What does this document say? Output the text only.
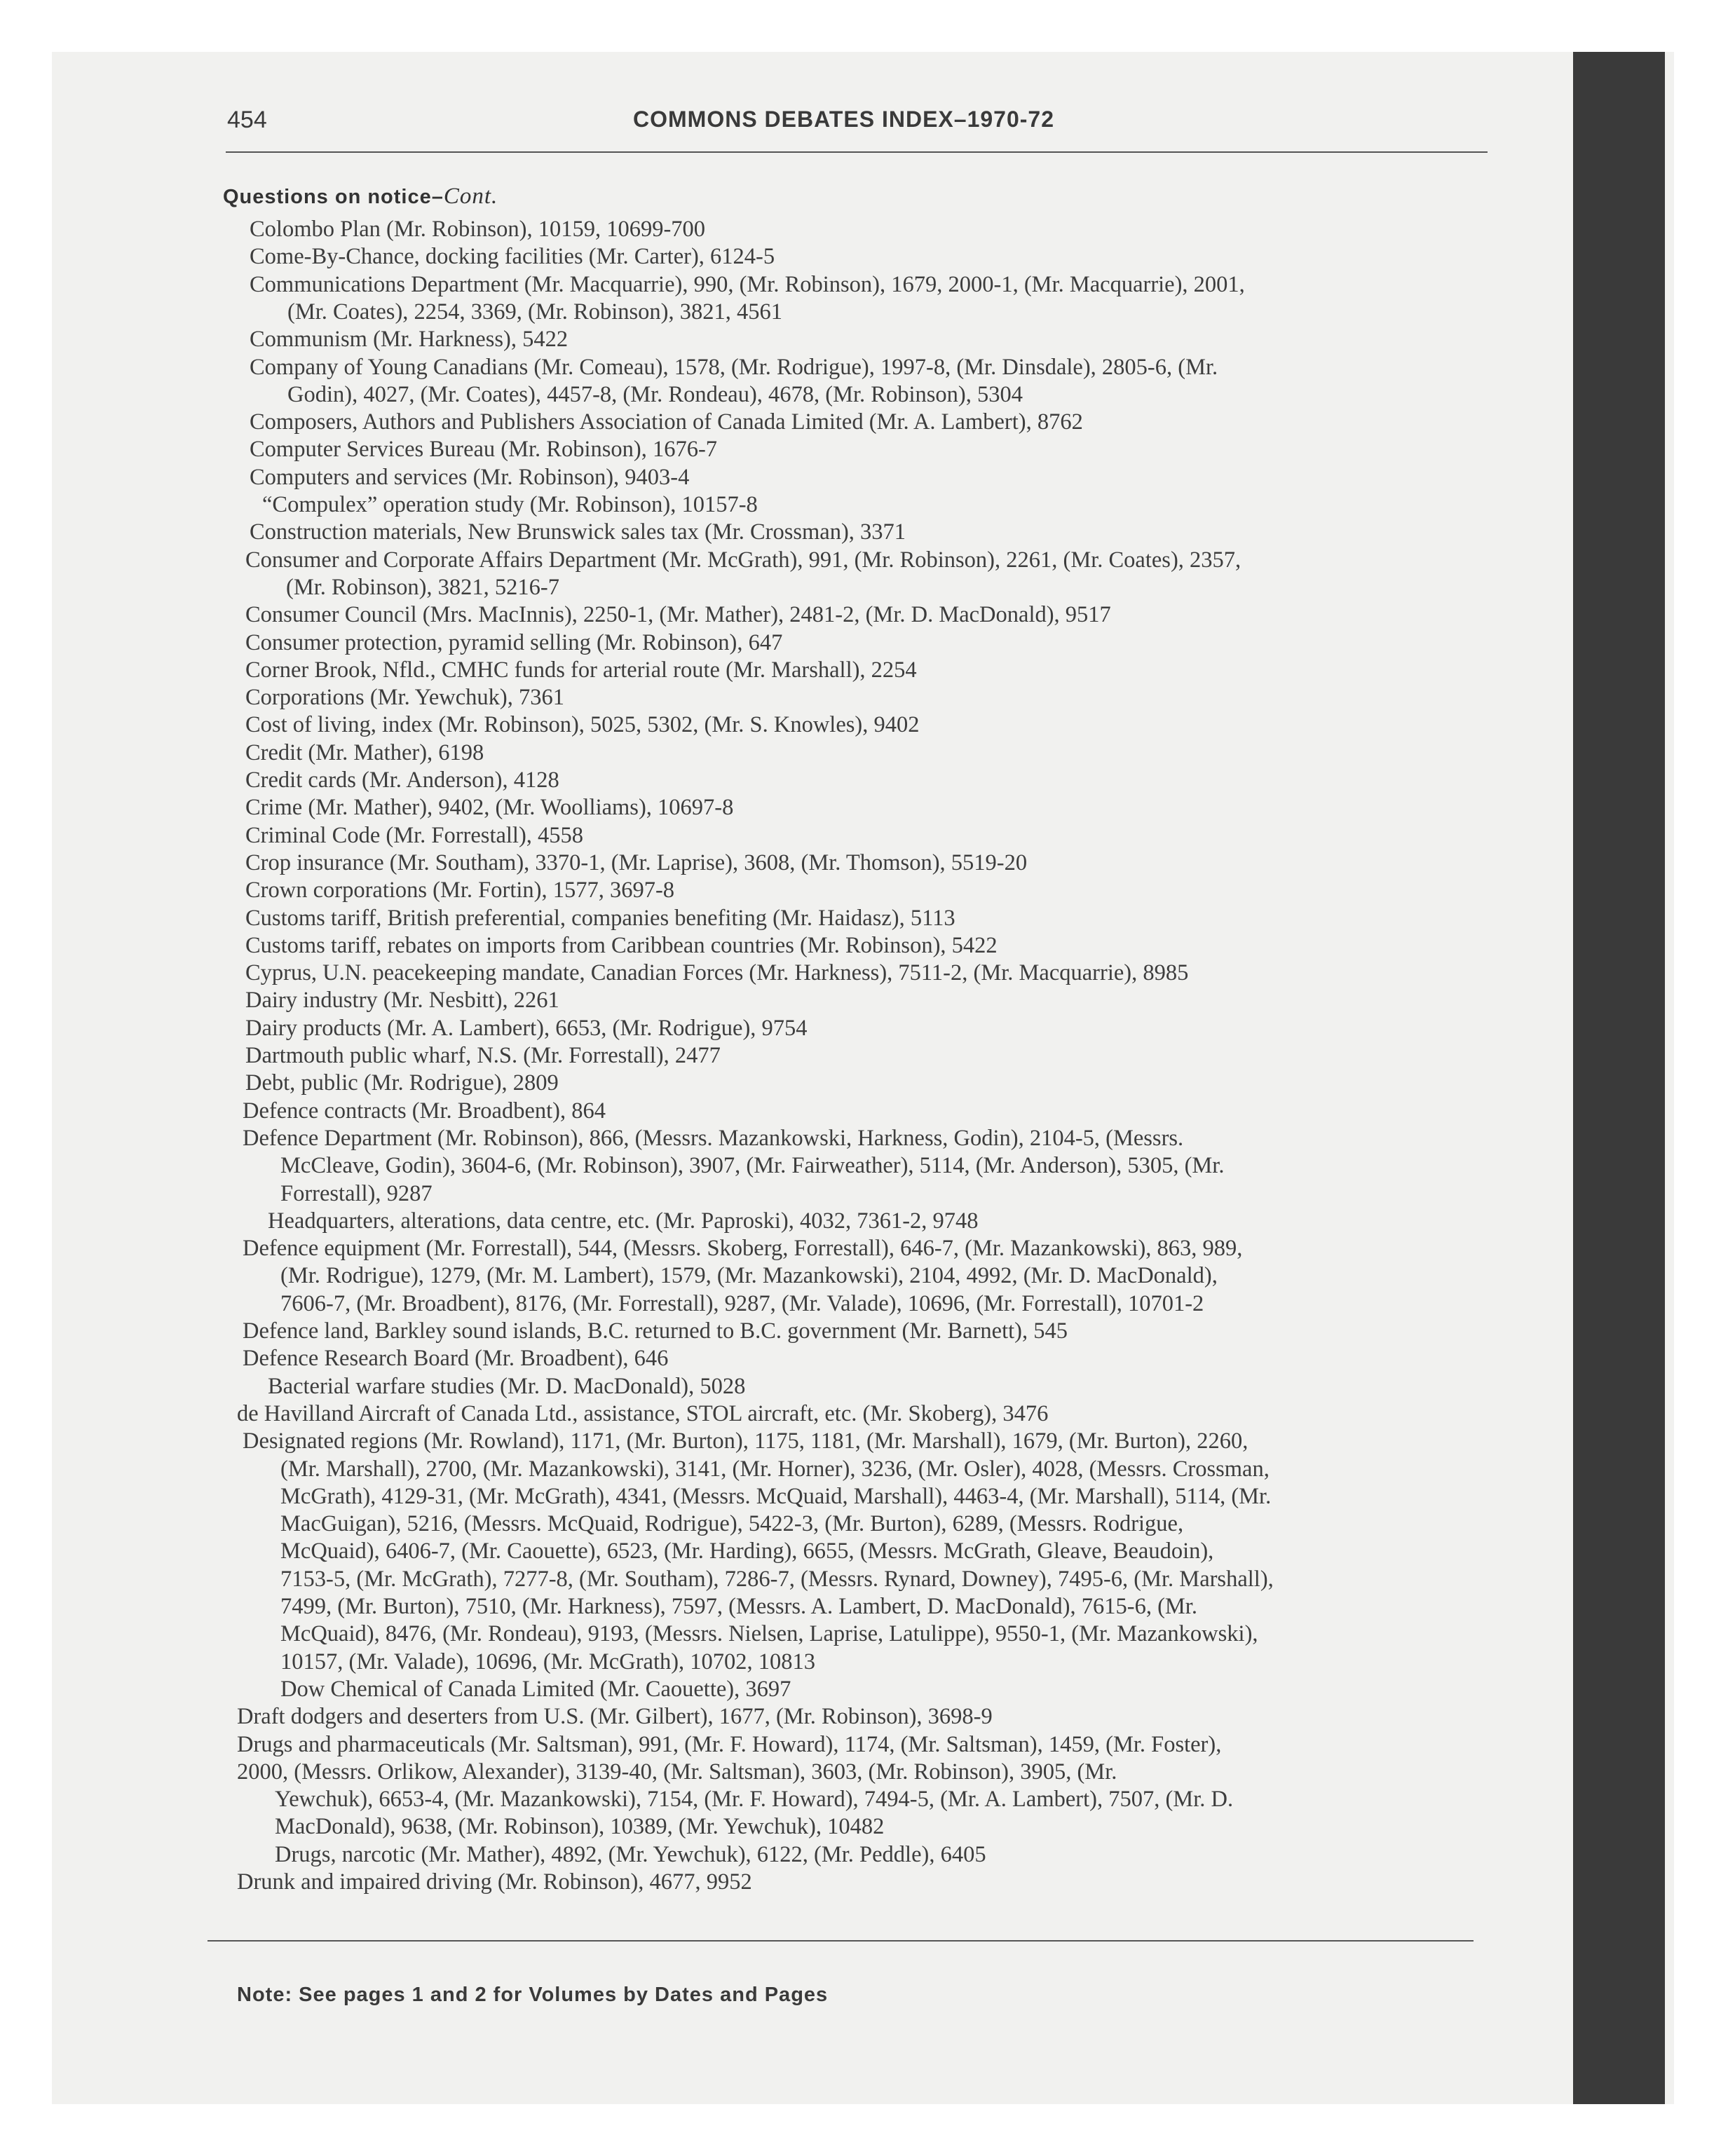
454	COMMONS DEBATES INDEX–1970-72
Questions on notice–Cont.
Colombo Plan (Mr. Robinson), 10159, 10699-700
Come-By-Chance, docking facilities (Mr. Carter), 6124-5
Communications Department (Mr. Macquarrie), 990, (Mr. Robinson), 1679, 2000-1, (Mr. Macquarrie), 2001,
(Mr. Coates), 2254, 3369, (Mr. Robinson), 3821, 4561
Communism (Mr. Harkness), 5422
Company of Young Canadians (Mr. Comeau), 1578, (Mr. Rodrigue), 1997-8, (Mr. Dinsdale), 2805-6, (Mr.
Godin), 4027, (Mr. Coates), 4457-8, (Mr. Rondeau), 4678, (Mr. Robinson), 5304
Composers, Authors and Publishers Association of Canada Limited (Mr. A. Lambert), 8762
Computer Services Bureau (Mr. Robinson), 1676-7
Computers and services (Mr. Robinson), 9403-4
“Compulex” operation study (Mr. Robinson), 10157-8
Construction materials, New Brunswick sales tax (Mr. Crossman), 3371
Consumer and Corporate Affairs Department (Mr. McGrath), 991, (Mr. Robinson), 2261, (Mr. Coates), 2357,
(Mr. Robinson), 3821, 5216-7
Consumer Council (Mrs. MacInnis), 2250-1, (Mr. Mather), 2481-2, (Mr. D. MacDonald), 9517
Consumer protection, pyramid selling (Mr. Robinson), 647
Corner Brook, Nfld., CMHC funds for arterial route (Mr. Marshall), 2254
Corporations (Mr. Yewchuk), 7361
Cost of living, index (Mr. Robinson), 5025, 5302, (Mr. S. Knowles), 9402
Credit (Mr. Mather), 6198
Credit cards (Mr. Anderson), 4128
Crime (Mr. Mather), 9402, (Mr. Woolliams), 10697-8
Criminal Code (Mr. Forrestall), 4558
Crop insurance (Mr. Southam), 3370-1, (Mr. Laprise), 3608, (Mr. Thomson), 5519-20
Crown corporations (Mr. Fortin), 1577, 3697-8
Customs tariff, British preferential, companies benefiting (Mr. Haidasz), 5113
Customs tariff, rebates on imports from Caribbean countries (Mr. Robinson), 5422
Cyprus, U.N. peacekeeping mandate, Canadian Forces (Mr. Harkness), 7511-2, (Mr. Macquarrie), 8985
Dairy industry (Mr. Nesbitt), 2261
Dairy products (Mr. A. Lambert), 6653, (Mr. Rodrigue), 9754
Dartmouth public wharf, N.S. (Mr. Forrestall), 2477
Debt, public (Mr. Rodrigue), 2809
Defence contracts (Mr. Broadbent), 864
Defence Department (Mr. Robinson), 866, (Messrs. Mazankowski, Harkness, Godin), 2104-5, (Messrs.
McCleave, Godin), 3604-6, (Mr. Robinson), 3907, (Mr. Fairweather), 5114, (Mr. Anderson), 5305, (Mr.
Forrestall), 9287
Headquarters, alterations, data centre, etc. (Mr. Paproski), 4032, 7361-2, 9748
Defence equipment (Mr. Forrestall), 544, (Messrs. Skoberg, Forrestall), 646-7, (Mr. Mazankowski), 863, 989,
(Mr. Rodrigue), 1279, (Mr. M. Lambert), 1579, (Mr. Mazankowski), 2104, 4992, (Mr. D. MacDonald),
7606-7, (Mr. Broadbent), 8176, (Mr. Forrestall), 9287, (Mr. Valade), 10696, (Mr. Forrestall), 10701-2
Defence land, Barkley sound islands, B.C. returned to B.C. government (Mr. Barnett), 545
Defence Research Board (Mr. Broadbent), 646
Bacterial warfare studies (Mr. D. MacDonald), 5028
de Havilland Aircraft of Canada Ltd., assistance, STOL aircraft, etc. (Mr. Skoberg), 3476
Designated regions (Mr. Rowland), 1171, (Mr. Burton), 1175, 1181, (Mr. Marshall), 1679, (Mr. Burton), 2260,
(Mr. Marshall), 2700, (Mr. Mazankowski), 3141, (Mr. Horner), 3236, (Mr. Osler), 4028, (Messrs. Crossman,
McGrath), 4129-31, (Mr. McGrath), 4341, (Messrs. McQuaid, Marshall), 4463-4, (Mr. Marshall), 5114, (Mr.
MacGuigan), 5216, (Messrs. McQuaid, Rodrigue), 5422-3, (Mr. Burton), 6289, (Messrs. Rodrigue,
McQuaid), 6406-7, (Mr. Caouette), 6523, (Mr. Harding), 6655, (Messrs. McGrath, Gleave, Beaudoin),
7153-5, (Mr. McGrath), 7277-8, (Mr. Southam), 7286-7, (Messrs. Rynard, Downey), 7495-6, (Mr. Marshall),
7499, (Mr. Burton), 7510, (Mr. Harkness), 7597, (Messrs. A. Lambert, D. MacDonald), 7615-6, (Mr.
McQuaid), 8476, (Mr. Rondeau), 9193, (Messrs. Nielsen, Laprise, Latulippe), 9550-1, (Mr. Mazankowski),
10157, (Mr. Valade), 10696, (Mr. McGrath), 10702, 10813
Dow Chemical of Canada Limited (Mr. Caouette), 3697
Draft dodgers and deserters from U.S. (Mr. Gilbert), 1677, (Mr. Robinson), 3698-9
Drugs and pharmaceuticals (Mr. Saltsman), 991, (Mr. F. Howard), 1174, (Mr. Saltsman), 1459, (Mr. Foster),
2000, (Messrs. Orlikow, Alexander), 3139-40, (Mr. Saltsman), 3603, (Mr. Robinson), 3905, (Mr.
Yewchuk), 6653-4, (Mr. Mazankowski), 7154, (Mr. F. Howard), 7494-5, (Mr. A. Lambert), 7507, (Mr. D.
MacDonald), 9638, (Mr. Robinson), 10389, (Mr. Yewchuk), 10482
Drugs, narcotic (Mr. Mather), 4892, (Mr. Yewchuk), 6122, (Mr. Peddle), 6405
Drunk and impaired driving (Mr. Robinson), 4677, 9952
Note: See pages 1 and 2 for Volumes by Dates and Pages
